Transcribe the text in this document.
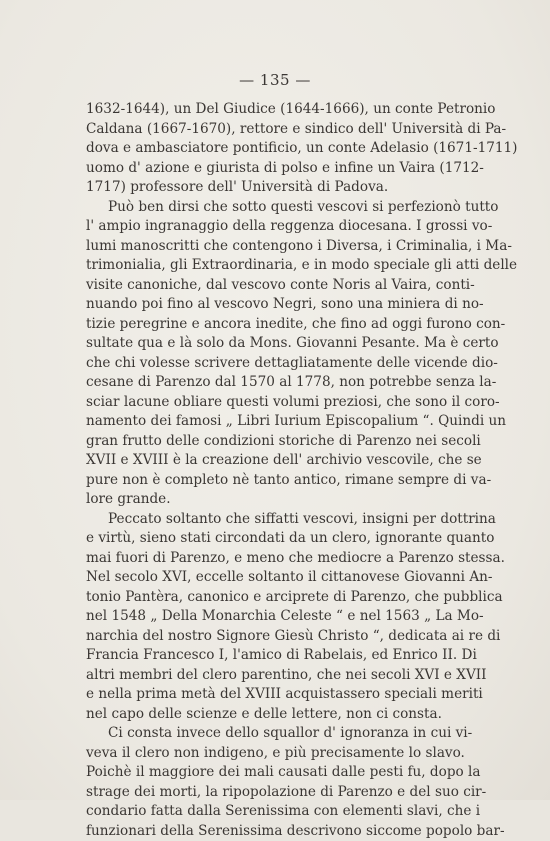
— 135 —
1632-1644), un Del Giudice (1644-1666), un conte Petronio
Caldana (1667-1670), rettore e sindico dell' Università di Pa-
dova e ambasciatore pontificio, un conte Adelasio (1671-1711)
uomo d' azione e giurista di polso e infine un Vaira (1712-
1717) professore dell' Università di Padova.
Può ben dirsi che sotto questi vescovi si perfezionò tutto
l' ampio ingranaggio della reggenza diocesana. I grossi vo-
lumi manoscritti che contengono i Diversa, i Criminalia, i Ma-
trimonialia, gli Extraordinaria, e in modo speciale gli atti delle
visite canoniche, dal vescovo conte Noris al Vaira, conti-
nuando poi fino al vescovo Negri, sono una miniera di no-
tizie peregrine e ancora inedite, che fino ad oggi furono con-
sultate qua e là solo da Mons. Giovanni Pesante. Ma è certo
che chi volesse scrivere dettagliatamente delle vicende dio-
cesane di Parenzo dal 1570 al 1778, non potrebbe senza la-
sciar lacune obliare questi volumi preziosi, che sono il coro-
namento dei famosi „ Libri Iurium Episcopalium “. Quindi un
gran frutto delle condizioni storiche di Parenzo nei secoli
XVII e XVIII è la creazione dell' archivio vescovile, che se
pure non è completo nè tanto antico, rimane sempre di va-
lore grande.
Peccato soltanto che siffatti vescovi, insigni per dottrina
e virtù, sieno stati circondati da un clero, ignorante quanto
mai fuori di Parenzo, e meno che mediocre a Parenzo stessa.
Nel secolo XVI, eccelle soltanto il cittanovese Giovanni An-
tonio Pantèra, canonico e arciprete di Parenzo, che pubblica
nel 1548 „ Della Monarchia Celeste “ e nel 1563 „ La Mo-
narchia del nostro Signore Giesù Christo “, dedicata ai re di
Francia Francesco I, l'amico di Rabelais, ed Enrico II. Di
altri membri del clero parentino, che nei secoli XVI e XVII
e nella prima metà del XVIII acquistassero speciali meriti
nel capo delle scienze e delle lettere, non ci consta.
Ci consta invece dello squallor d' ignoranza in cui vi-
veva il clero non indigeno, e più precisamente lo slavo.
Poichè il maggiore dei mali causati dalle pesti fu, dopo la
strage dei morti, la ripopolazione di Parenzo e del suo cir-
condario fatta dalla Serenissima con elementi slavi, che i
funzionari della Serenissima descrivono siccome popolo bar-
